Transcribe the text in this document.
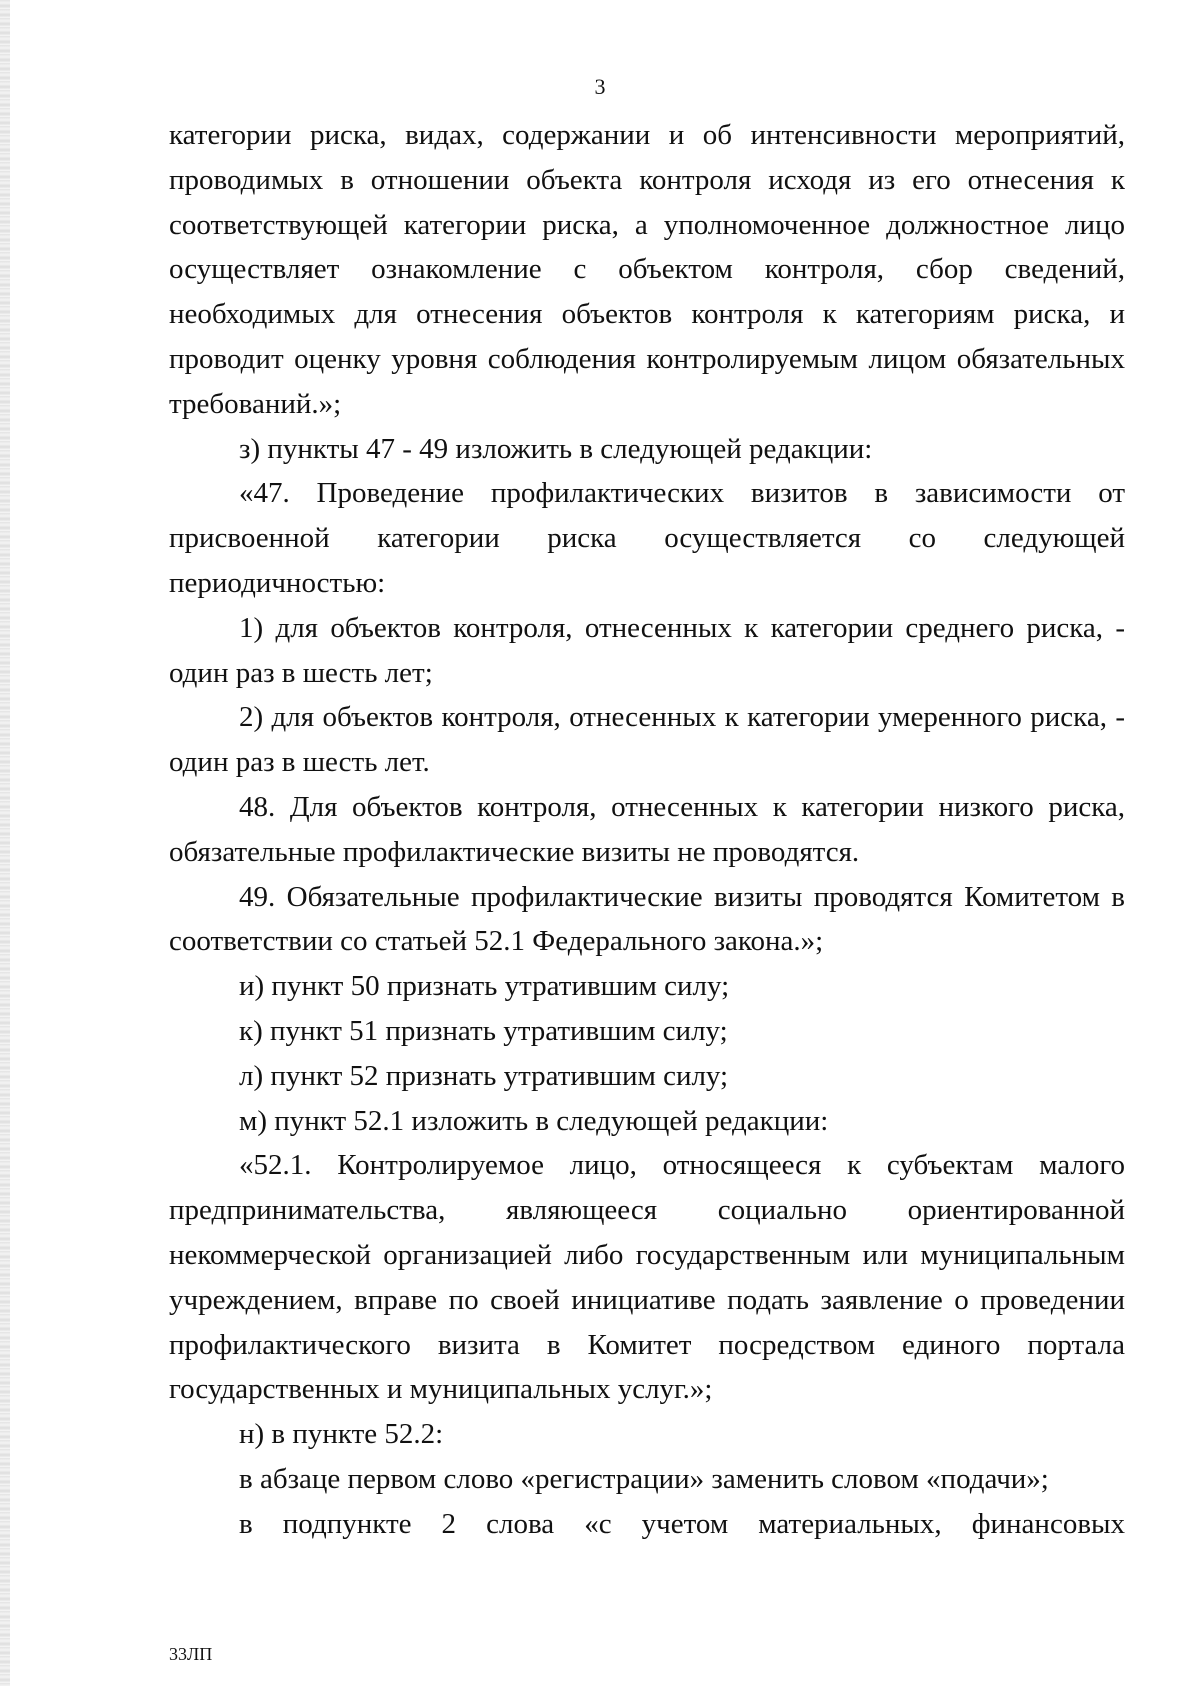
3

категории риска, видах, содержании и об интенсивности мероприятий, проводимых в отношении объекта контроля исходя из его отнесения к соответствующей категории риска, а уполномоченное должностное лицо осуществляет ознакомление с объектом контроля, сбор сведений, необходимых для отнесения объектов контроля к категориям риска, и проводит оценку уровня соблюдения контролируемым лицом обязательных требований.»;

з) пункты 47 - 49 изложить в следующей редакции:

«47. Проведение профилактических визитов в зависимости от присвоенной категории риска осуществляется со следующей периодичностью:

1) для объектов контроля, отнесенных к категории среднего риска, - один раз в шесть лет;

2) для объектов контроля, отнесенных к категории умеренного риска, - один раз в шесть лет.

48. Для объектов контроля, отнесенных к категории низкого риска, обязательные профилактические визиты не проводятся.

49. Обязательные профилактические визиты проводятся Комитетом в соответствии со статьей 52.1 Федерального закона.»;

и) пункт 50 признать утратившим силу;

к) пункт 51 признать утратившим силу;

л) пункт 52 признать утратившим силу;

м) пункт 52.1 изложить в следующей редакции:

«52.1. Контролируемое лицо, относящееся к субъектам малого предпринимательства, являющееся социально ориентированной некоммерческой организацией либо государственным или муниципальным учреждением, вправе по своей инициативе подать заявление о проведении профилактического визита в Комитет посредством единого портала государственных и муниципальных услуг.»;

н) в пункте 52.2:

в абзаце первом слово «регистрации» заменить словом «подачи»;

в подпункте 2 слова «с учетом материальных, финансовых

33ЛП
